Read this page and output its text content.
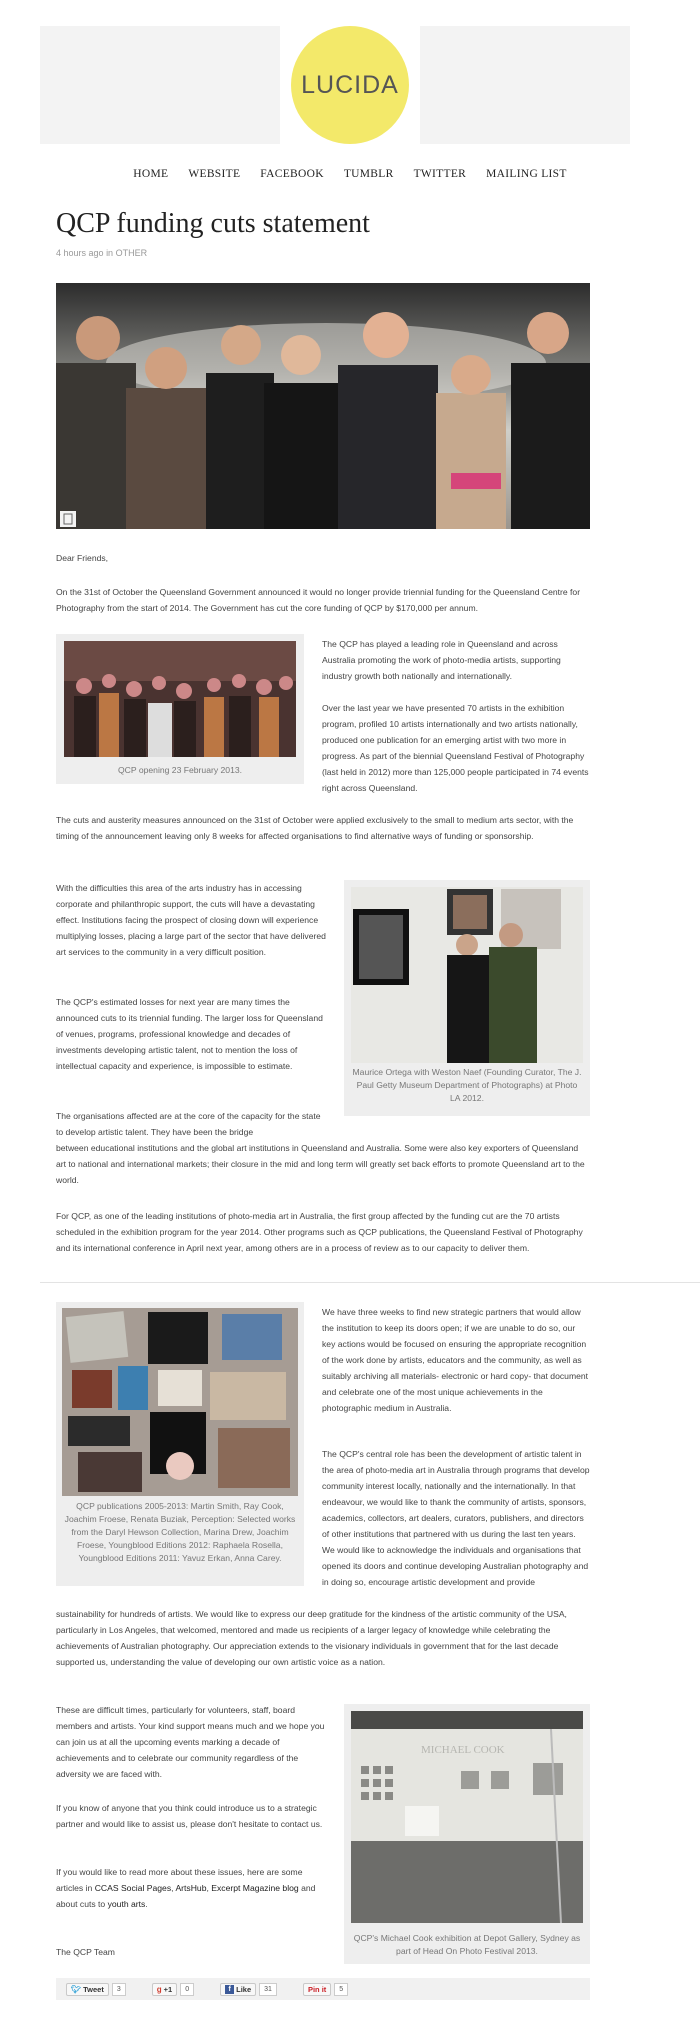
LUCIDA
HOME WEBSITE FACEBOOK TUMBLR TWITTER MAILING LIST
QCP funding cuts statement
4 hours ago in OTHER
Dear Friends,
On the 31st of October the Queensland Government announced it would no longer provide triennial funding for the Queensland Centre for Photography from the start of 2014. The Government has cut the core funding of QCP by $170,000 per annum.
QCP opening 23 February 2013.
The QCP has played a leading role in Queensland and across Australia promoting the work of photo-media artists, supporting industry growth both nationally and internationally.
Over the last year we have presented 70 artists in the exhibition program, profiled 10 artists internationally and two artists nationally, produced one publication for an emerging artist with two more in progress. As part of the biennial Queensland Festival of Photography (last held in 2012) more than 125,000 people participated in 74 events right across Queensland.
The cuts and austerity measures announced on the 31st of October were applied exclusively to the small to medium arts sector, with the timing of the announcement leaving only 8 weeks for affected organisations to find alternative ways of funding or sponsorship.
With the difficulties this area of the arts industry has in accessing corporate and philanthropic support, the cuts will have a devastating effect. Institutions facing the prospect of closing down will experience multiplying losses, placing a large part of the sector that have delivered art services to the community in a very difficult position.
The QCP's estimated losses for next year are many times the announced cuts to its triennial funding. The larger loss for Queensland of venues, programs, professional knowledge and decades of investments developing artistic talent, not to mention the loss of intellectual capacity and experience, is impossible to estimate.
Maurice Ortega with Weston Naef (Founding Curator, The J. Paul Getty Museum Department of Photographs) at Photo LA 2012.
The organisations affected are at the core of the capacity for the state to develop artistic talent. They have been the bridge
between educational institutions and the global art institutions in Queensland and Australia. Some were also key exporters of Queensland art to national and international markets; their closure in the mid and long term will greatly set back efforts to promote Queensland art to the world.
For QCP, as one of the leading institutions of photo-media art in Australia, the first group affected by the funding cut are the 70 artists scheduled in the exhibition program for the year 2014. Other programs such as QCP publications, the Queensland Festival of Photography and its international conference in April next year, among others are in a process of review as to our capacity to deliver them.
QCP publications 2005-2013: Martin Smith, Ray Cook, Joachim Froese, Renata Buziak, Perception: Selected works from the Daryl Hewson Collection, Marina Drew, Joachim Froese, Youngblood Editions 2012: Raphaela Rosella, Youngblood Editions 2011: Yavuz Erkan, Anna Carey.
We have three weeks to find new strategic partners that would allow the institution to keep its doors open; if we are unable to do so, our key actions would be focused on ensuring the appropriate recognition of the work done by artists, educators and the community, as well as suitably archiving all materials- electronic or hard copy- that document and celebrate one of the most unique achievements in the photographic medium in Australia.
The QCP's central role has been the development of artistic talent in the area of photo-media art in Australia through programs that develop community interest locally, nationally and the internationally. In that endeavour, we would like to thank the community of artists, sponsors, academics, collectors, art dealers, curators, publishers, and directors of other institutions that partnered with us during the last ten years. We would like to acknowledge the individuals and organisations that opened its doors and continue developing Australian photography and in doing so, encourage artistic development and provide
sustainability for hundreds of artists. We would like to express our deep gratitude for the kindness of the artistic community of the USA, particularly in Los Angeles, that welcomed, mentored and made us recipients of a larger legacy of knowledge while celebrating the achievements of Australian photography. Our appreciation extends to the visionary individuals in government that for the last decade supported us, understanding the value of developing our own artistic voice as a nation.
These are difficult times, particularly for volunteers, staff, board members and artists. Your kind support means much and we hope you can join us at all the upcoming events marking a decade of achievements and to celebrate our community regardless of the adversity we are faced with.
If you know of anyone that you think could introduce us to a strategic partner and would like to assist us, please don't hesitate to contact us.
If you would like to read more about these issues, here are some articles in CCAS Social Pages, ArtsHub, Excerpt Magazine blog and about cuts to youth arts.
The QCP Team
MICHAEL COOK
QCP's Michael Cook exhibition at Depot Gallery, Sydney as part of Head On Photo Festival 2013.
🐦︎ Tweet	3	g +1	0	f Like	31	Pin it	5
